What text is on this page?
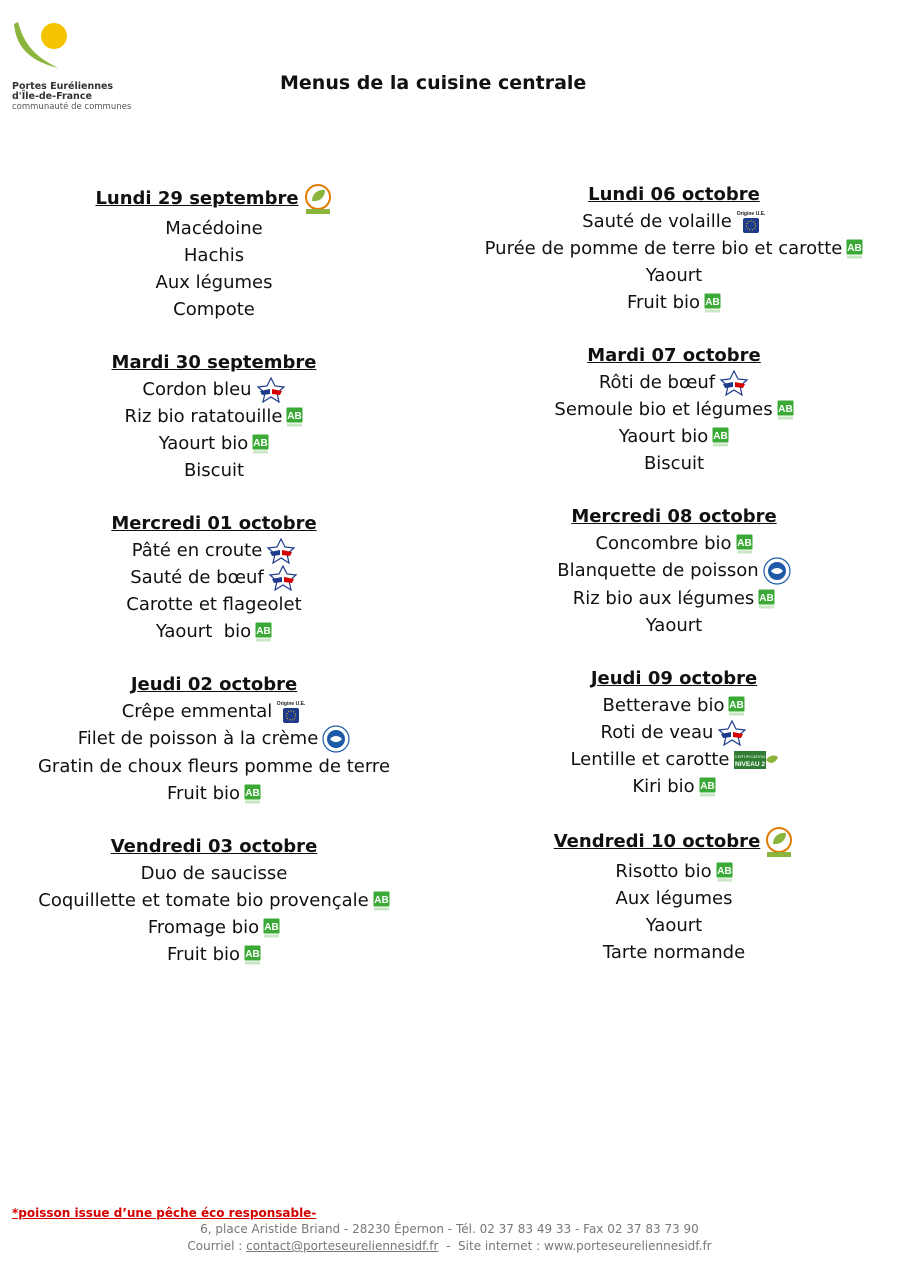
Portes Euréliennes
d'Île-de-France
communauté de communes
Menus de la cuisine centrale
Lundi 29 septembre
Macédoine
Hachis
Aux légumes
Compote
Mardi 30 septembre
Cordon bleu
Riz bio ratatouille AB
Yaourt bio AB
Biscuit
Mercredi 01 octobre
Pâté en croute
Sauté de bœuf
Carotte et flageolet
Yaourt  bio AB
Jeudi 02 octobre
Crêpe emmental Origine U.E.
Filet de poisson à la crème
Gratin de choux fleurs pomme de terre
Fruit bio AB
Vendredi 03 octobre
Duo de saucisse
Coquillette et tomate bio provençale AB
Fromage bio AB
Fruit bio AB
Lundi 06 octobre
Sauté de volaille Origine U.E.
Purée de pomme de terre bio et carotte AB
Yaourt
Fruit bio AB
Mardi 07 octobre
Rôti de bœuf
Semoule bio et légumes AB
Yaourt bio AB
Biscuit
Mercredi 08 octobre
Concombre bio AB
Blanquette de poisson
Riz bio aux légumes AB
Yaourt
Jeudi 09 octobre
Betterave bio AB
Roti de veau
Lentille et carotte CERTIFICATION
NIVEAU 2
Kiri bio AB
Vendredi 10 octobre
Risotto bio AB
Aux légumes
Yaourt
Tarte normande
*poisson issue d’une pêche éco responsable-
6, place Aristide Briand - 28230 Épernon - Tél. 02 37 83 49 33 - Fax 02 37 83 73 90
Courriel : contact@porteseureliennesidf.fr  -  Site internet : www.porteseureliennesidf.fr
